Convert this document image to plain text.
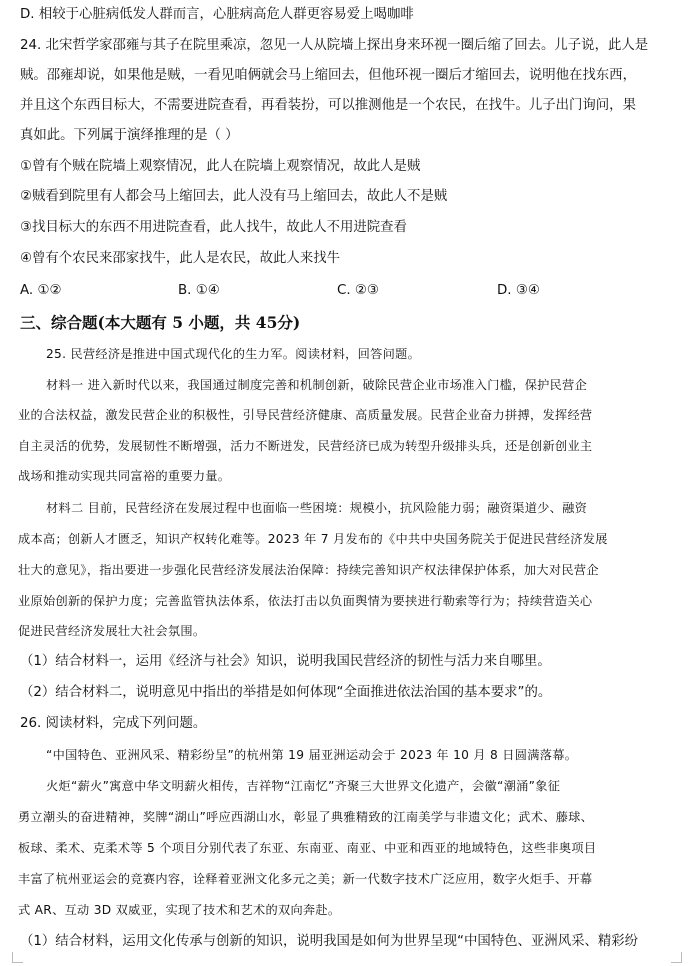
D. 相较于心脏病低发人群而言，心脏病高危人群更容易爱上喝咖啡
24. 北宋哲学家邵雍与其子在院里乘凉，忽见一人从院墙上探出身来环视一圈后缩了回去。儿子说，此人是
贼。邵雍却说，如果他是贼，一看见咱俩就会马上缩回去，但他环视一圈后才缩回去，说明他在找东西，
并且这个东西目标大，不需要进院查看，再看装扮，可以推测他是一个农民，在找牛。儿子出门询问，果
真如此。下列属于演绎推理的是（ ）
①曾有个贼在院墙上观察情况，此人在院墙上观察情况，故此人是贼
②贼看到院里有人都会马上缩回去，此人没有马上缩回去，故此人不是贼
③找目标大的东西不用进院查看，此人找牛，故此人不用进院查看
④曾有个农民来邵家找牛，此人是农民，故此人来找牛
A. ①②	B. ①④	C. ②③	D. ③④
三、综合题(本大题有 5 小题，共 45分)
25. 民营经济是推进中国式现代化的生力军。阅读材料，回答问题。
材料一 进入新时代以来，我国通过制度完善和机制创新，破除民营企业市场准入门槛，保护民营企
业的合法权益，激发民营企业的积极性，引导民营经济健康、高质量发展。民营企业奋力拼搏，发挥经营
自主灵活的优势，发展韧性不断增强，活力不断迸发，民营经济已成为转型升级排头兵，还是创新创业主
战场和推动实现共同富裕的重要力量。
材料二 目前，民营经济在发展过程中也面临一些困境：规模小，抗风险能力弱；融资渠道少、融资
成本高；创新人才匮乏，知识产权转化难等。2023 年 7 月发布的《中共中央国务院关于促进民营经济发展
壮大的意见》，指出要进一步强化民营经济发展法治保障：持续完善知识产权法律保护体系，加大对民营企
业原始创新的保护力度；完善监管执法体系，依法打击以负面舆情为要挟进行勒索等行为；持续营造关心
促进民营经济发展壮大社会氛围。
（1）结合材料一，运用《经济与社会》知识，说明我国民营经济的韧性与活力来自哪里。
（2）结合材料二，说明意见中指出的举措是如何体现“全面推进依法治国的基本要求”的。
26. 阅读材料，完成下列问题。
“中国特色、亚洲风采、精彩纷呈”的杭州第 19 届亚洲运动会于 2023 年 10 月 8 日圆满落幕。
火炬“薪火”寓意中华文明薪火相传，吉祥物“江南忆”齐聚三大世界文化遗产，会徽“潮涌”象征
勇立潮头的奋进精神，奖牌“湖山”呼应西湖山水，彰显了典雅精致的江南美学与非遗文化；武术、藤球、
板球、柔术、克柔术等 5 个项目分别代表了东亚、东南亚、南亚、中亚和西亚的地域特色，这些非奥项目
丰富了杭州亚运会的竞赛内容，诠释着亚洲文化多元之美；新一代数字技术广泛应用，数字火炬手、开幕
式 AR、互动 3D 双威亚，实现了技术和艺术的双向奔赴。
（1）结合材料，运用文化传承与创新的知识，说明我国是如何为世界呈现“中国特色、亚洲风采、精彩纷
